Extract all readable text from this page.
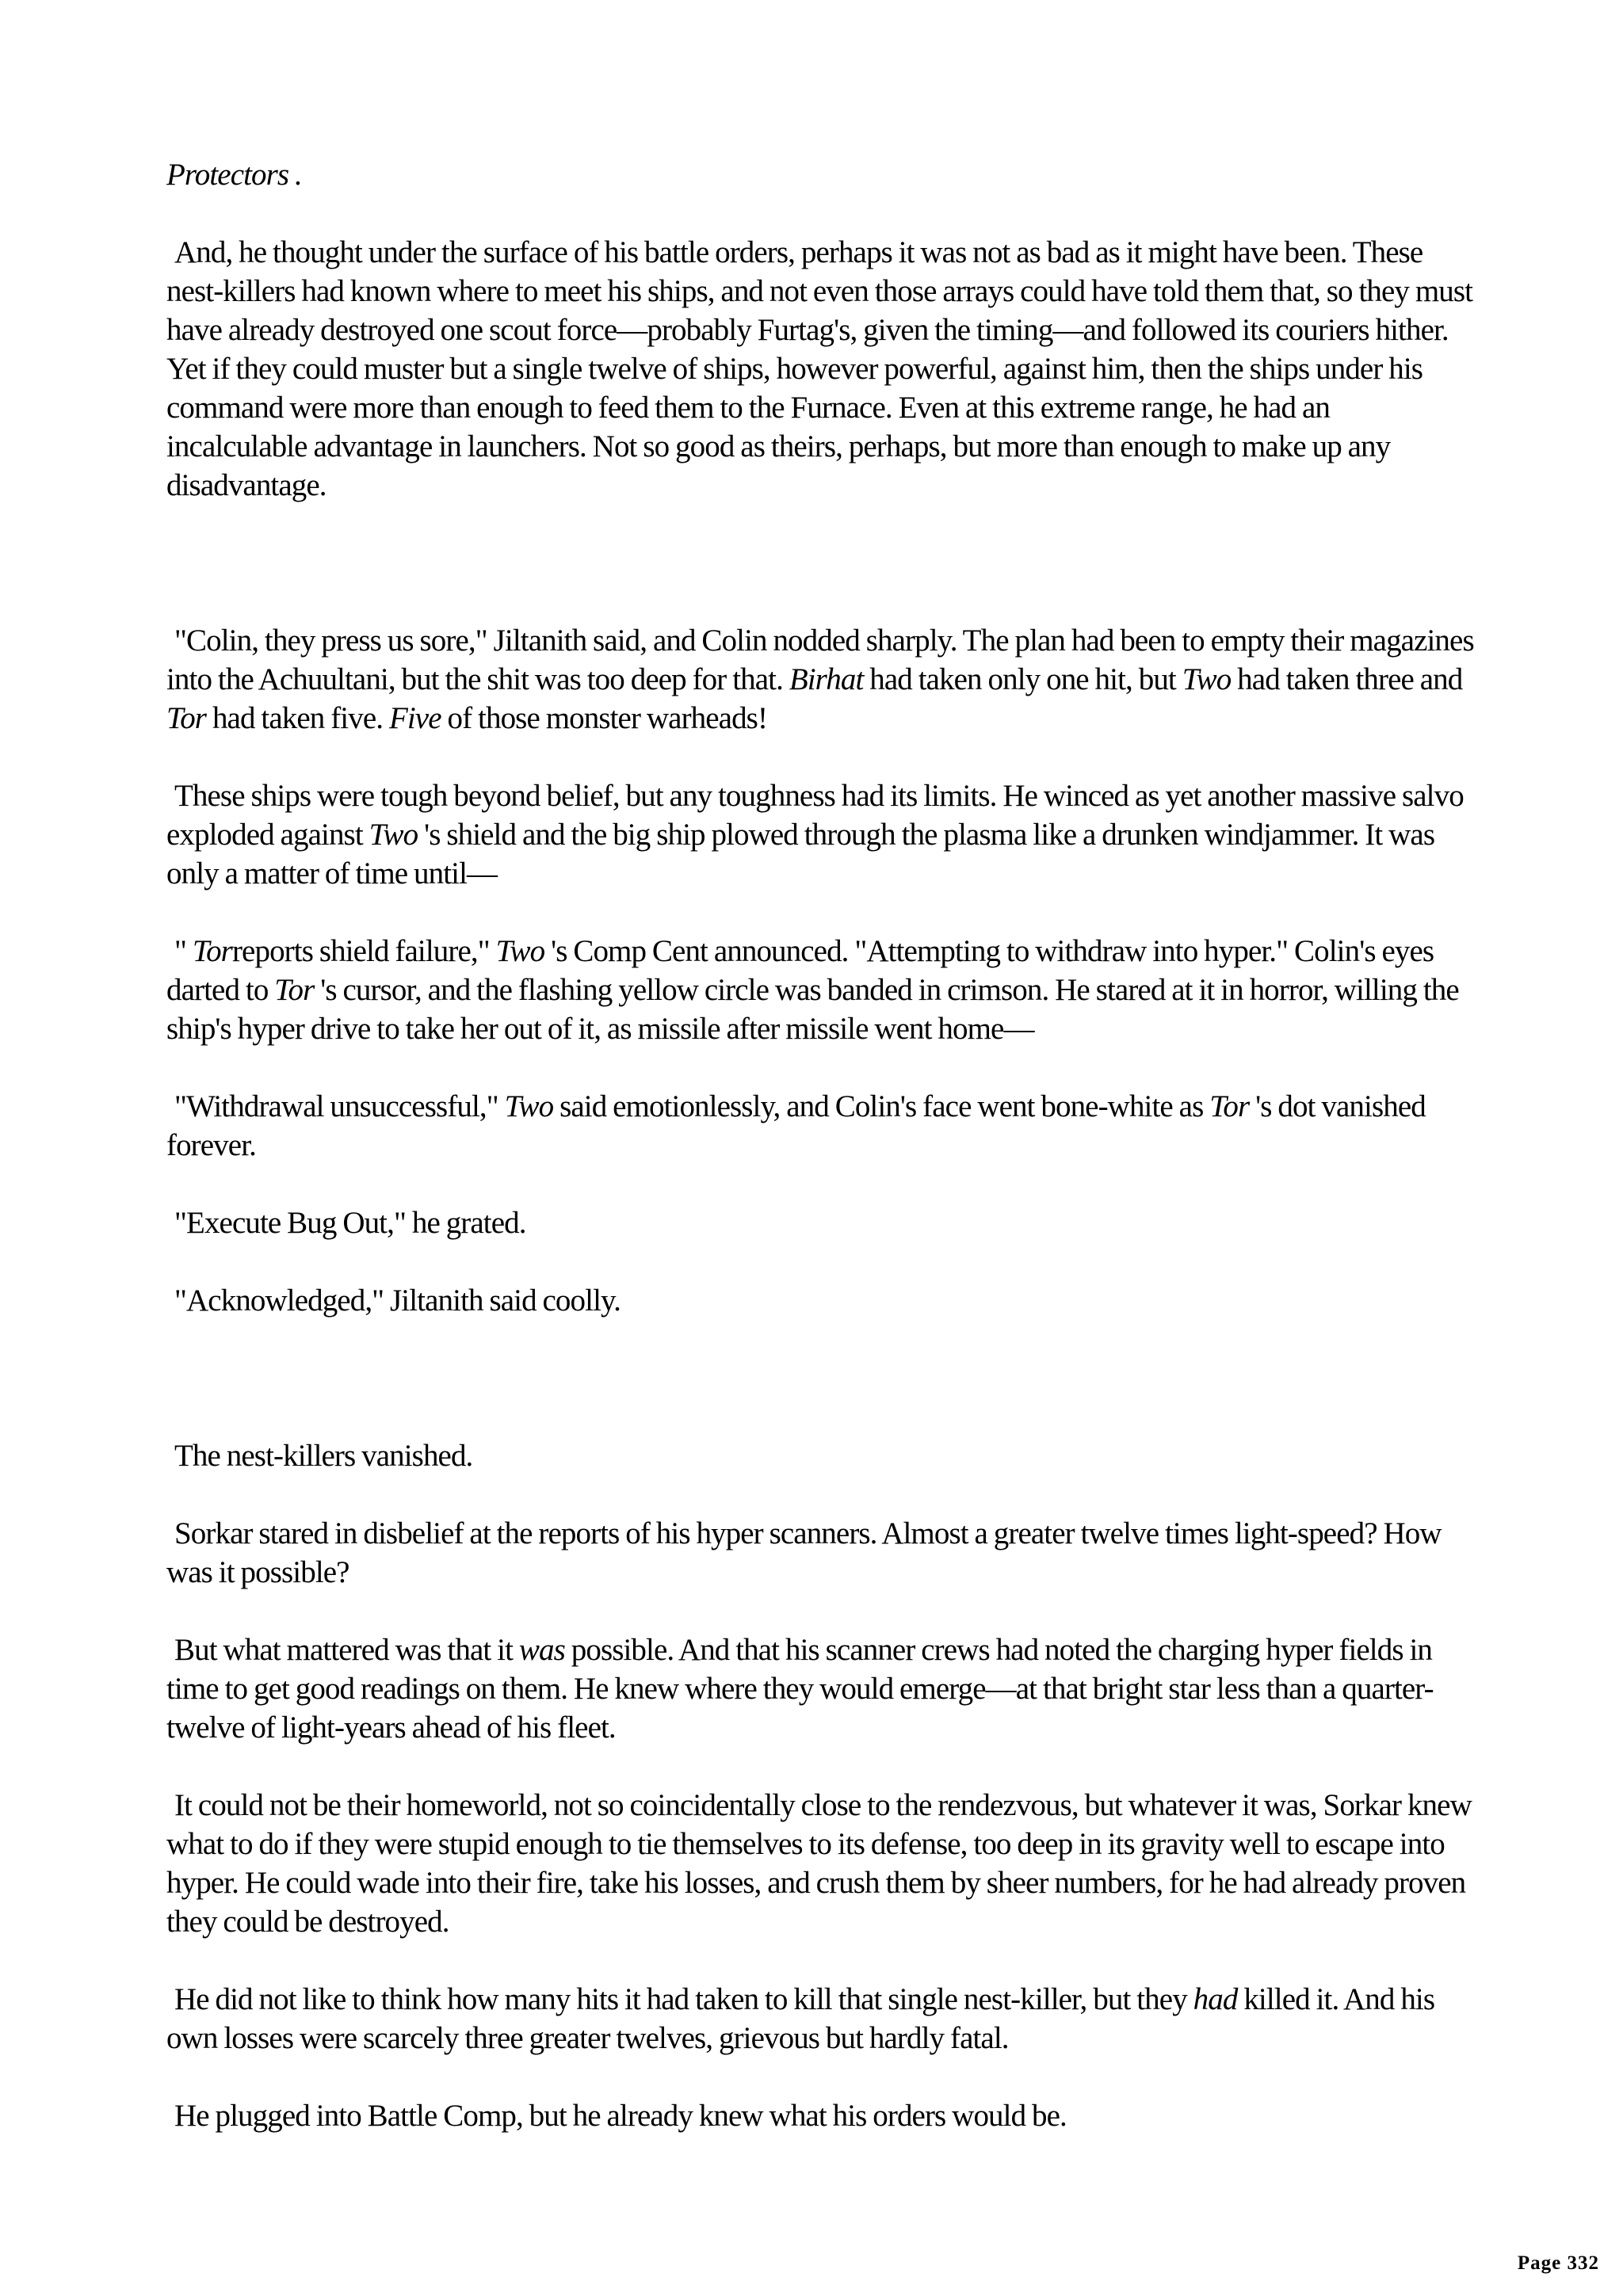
Protectors .

And, he thought under the surface of his battle orders, perhaps it was not as bad as it might have been. These nest-killers had known where to meet his ships, and not even those arrays could have told them that, so they must have already destroyed one scout force—probably Furtag's, given the timing—and followed its couriers hither. Yet if they could muster but a single twelve of ships, however powerful, against him, then the ships under his command were more than enough to feed them to the Furnace. Even at this extreme range, he had an incalculable advantage in launchers. Not so good as theirs, perhaps, but more than enough to make up any disadvantage.

"Colin, they press us sore," Jiltanith said, and Colin nodded sharply. The plan had been to empty their magazines into the Achuultani, but the shit was too deep for that. Birhat had taken only one hit, but Two had taken three and Tor had taken five. Five of those monster warheads!

These ships were tough beyond belief, but any toughness had its limits. He winced as yet another massive salvo exploded against Two 's shield and the big ship plowed through the plasma like a drunken windjammer. It was only a matter of time until—

" Torreports shield failure," Two 's Comp Cent announced. "Attempting to withdraw into hyper." Colin's eyes darted to Tor 's cursor, and the flashing yellow circle was banded in crimson. He stared at it in horror, willing the ship's hyper drive to take her out of it, as missile after missile went home—

"Withdrawal unsuccessful," Two said emotionlessly, and Colin's face went bone-white as Tor 's dot vanished forever.

"Execute Bug Out," he grated.

"Acknowledged," Jiltanith said coolly.

The nest-killers vanished.

Sorkar stared in disbelief at the reports of his hyper scanners. Almost a greater twelve times light-speed? How was it possible?

But what mattered was that it was possible. And that his scanner crews had noted the charging hyper fields in time to get good readings on them. He knew where they would emerge—at that bright star less than a quarter-twelve of light-years ahead of his fleet.

It could not be their homeworld, not so coincidentally close to the rendezvous, but whatever it was, Sorkar knew what to do if they were stupid enough to tie themselves to its defense, too deep in its gravity well to escape into hyper. He could wade into their fire, take his losses, and crush them by sheer numbers, for he had already proven they could be destroyed.

He did not like to think how many hits it had taken to kill that single nest-killer, but they had killed it. And his own losses were scarcely three greater twelves, grievous but hardly fatal.

He plugged into Battle Comp, but he already knew what his orders would be.

Page 332
